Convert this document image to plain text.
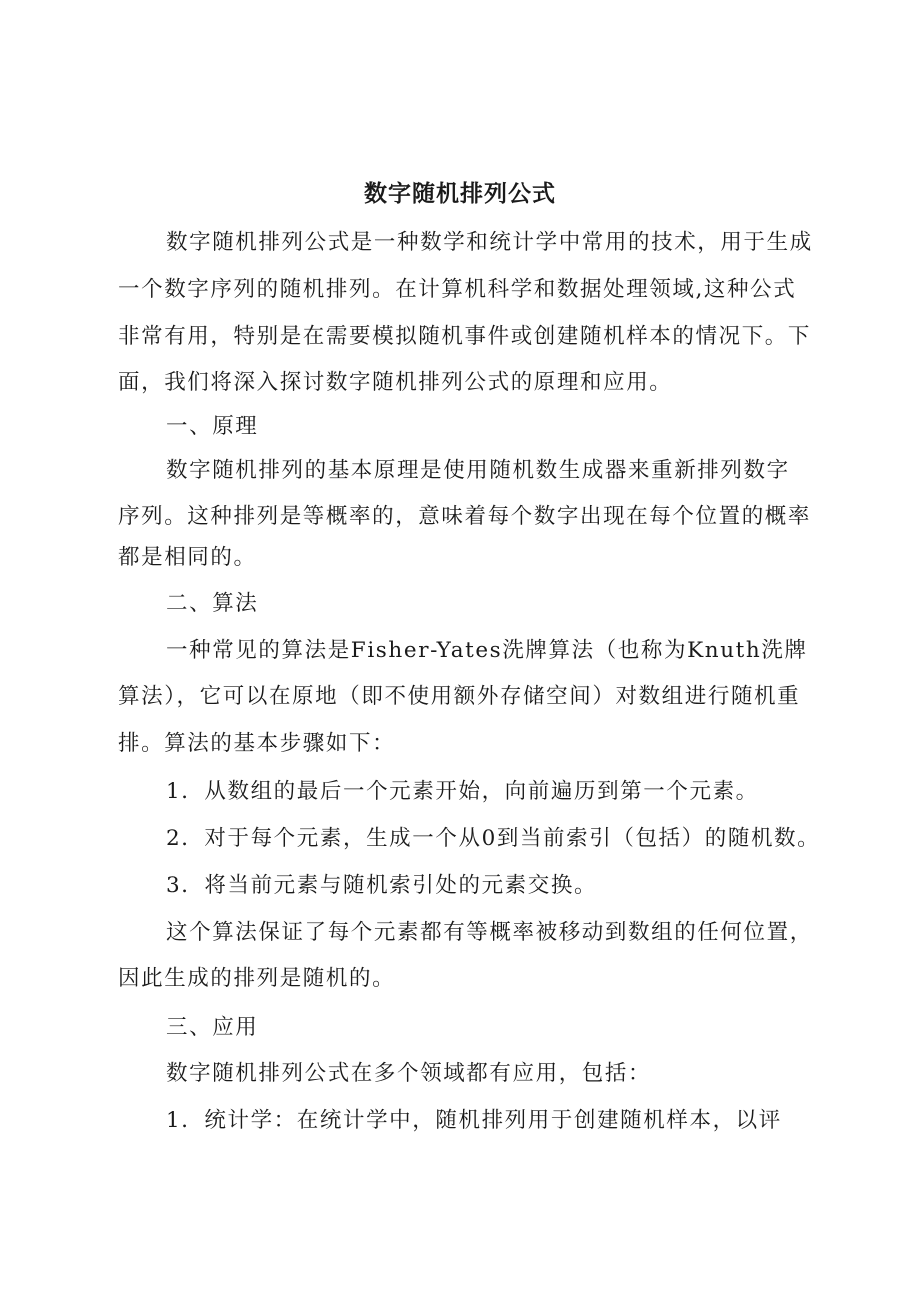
数字随机排列公式
数字随机排列公式是一种数学和统计学中常用的技术，用于生成
一个数字序列的随机排列。在计算机科学和数据处理领域,这种公式
非常有用，特别是在需要模拟随机事件或创建随机样本的情况下。下
面，我们将深入探讨数字随机排列公式的原理和应用。
一、原理
数字随机排列的基本原理是使用随机数生成器来重新排列数字
序列。这种排列是等概率的，意味着每个数字出现在每个位置的概率
都是相同的。
二、算法
一种常见的算法是Fisher-Yates洗牌算法（也称为Knuth洗牌
算法），它可以在原地（即不使用额外存储空间）对数组进行随机重
排。算法的基本步骤如下：
1．从数组的最后一个元素开始，向前遍历到第一个元素。
2．对于每个元素，生成一个从0到当前索引（包括）的随机数。
3．将当前元素与随机索引处的元素交换。
这个算法保证了每个元素都有等概率被移动到数组的任何位置，
因此生成的排列是随机的。
三、应用
数字随机排列公式在多个领域都有应用，包括：
1．统计学：在统计学中，随机排列用于创建随机样本，以评
